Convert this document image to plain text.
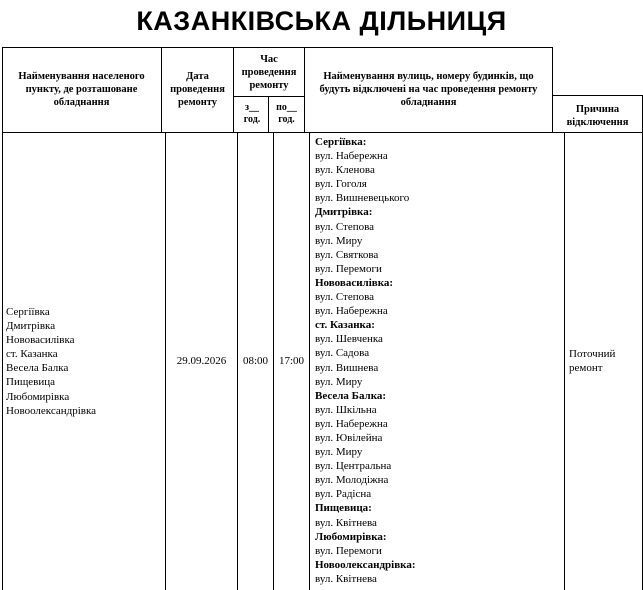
КАЗАНКІВСЬКА ДІЛЬНИЦЯ
Найменування населеного пункту, де розташоване обладнання
Дата проведення ремонту
Час проведення ремонту
з__ год.
по__ год.
Найменування вулиць, номеру будинків, що будуть відключені на час проведення ремонту обладнання
Причина відключення
Сергіївка
Дмитрівка
Нововасилівка
ст. Казанка
Весела Балка
Пищевица
Любомирівка
Новоолександрівка
29.09.2026	08:00 17:00
Сергіївка:
вул. Набережна
вул. Кленова
вул. Гоголя
вул. Вишневецького
Дмитрівка:
вул. Степова
вул. Миру
вул. Святкова
вул. Перемоги
Нововасилівка:
вул. Степова
вул. Набережна
ст. Казанка:
вул. Шевченка
вул. Садова
вул. Вишнева
вул. Миру
Весела Балка:
вул. Шкільна
вул. Набережна
вул. Ювілейна
вул. Миру
вул. Центральна
вул. Молодіжна
вул. Радісна
Пищевица:
вул. Квітнева
Любомирівка:
вул. Перемоги
Новоолександрівка:
вул. Квітнева
Поточний ремонт
